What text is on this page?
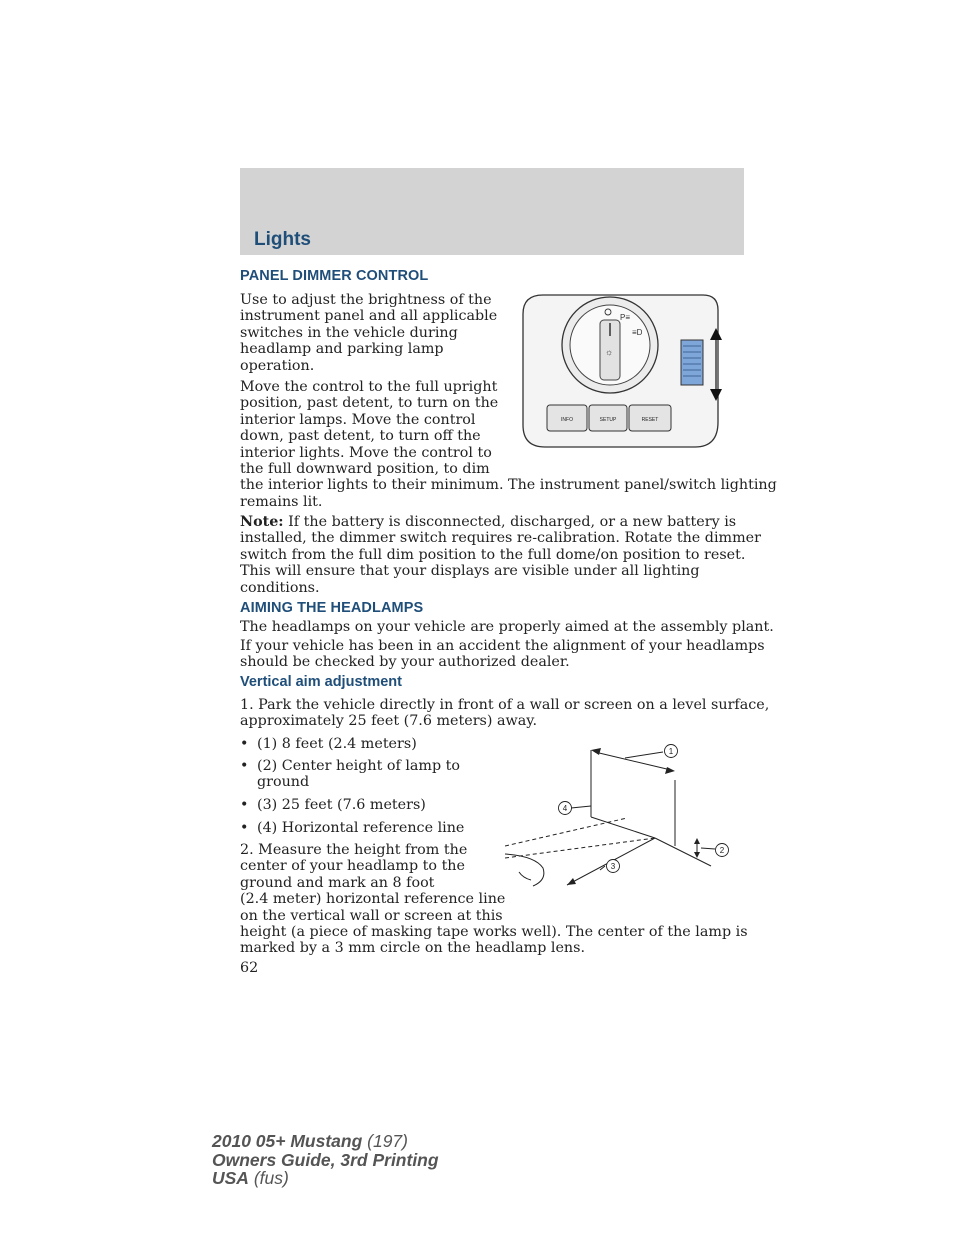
Lights
PANEL DIMMER CONTROL
Use to adjust the brightness of the
instrument panel and all applicable
switches in the vehicle during
headlamp and parking lamp
operation.
Move the control to the full upright
position, past detent, to turn on the
interior lamps. Move the control
down, past detent, to turn off the
interior lights. Move the control to
the full downward position, to dim
the interior lights to their minimum. The instrument panel/switch lighting
remains lit.
Note: If the battery is disconnected, discharged, or a new battery is
installed, the dimmer switch requires re-calibration. Rotate the dimmer
switch from the full dim position to the full dome/on position to reset.
This will ensure that your displays are visible under all lighting
conditions.
P≡
≡D
☼
INFO	SETUP	RESET
AIMING THE HEADLAMPS
The headlamps on your vehicle are properly aimed at the assembly plant.
If your vehicle has been in an accident the alignment of your headlamps
should be checked by your authorized dealer.
Vertical aim adjustment
1. Park the vehicle directly in front of a wall or screen on a level surface,
approximately 25 feet (7.6 meters) away.
• (1) 8 feet (2.4 meters)
• (2) Center height of lamp to
ground
• (3) 25 feet (7.6 meters)
• (4) Horizontal reference line
2. Measure the height from the
center of your headlamp to the
ground and mark an 8 foot
(2.4 meter) horizontal reference line
on the vertical wall or screen at this
height (a piece of masking tape works well). The center of the lamp is
marked by a 3 mm circle on the headlamp lens.
1
4
2
3
62
2010 05+ Mustang (197)
Owners Guide, 3rd Printing
USA (fus)
